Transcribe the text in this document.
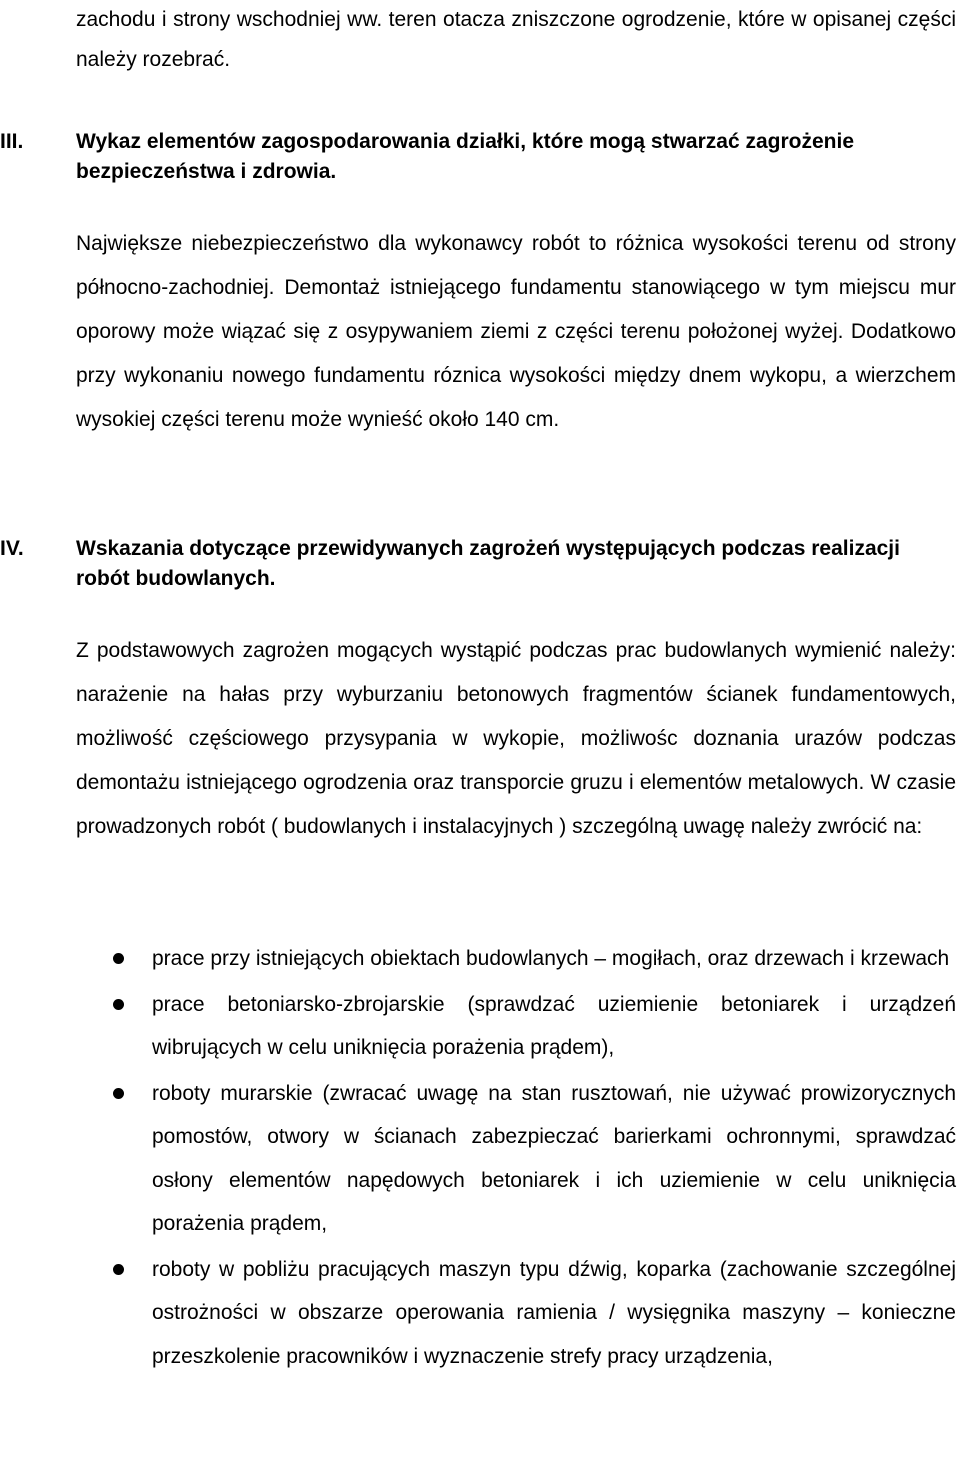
zachodu i strony wschodniej ww. teren otacza zniszczone ogrodzenie, które w opisanej części należy rozebrać.
III.	Wykaz elementów zagospodarowania działki, które mogą stwarzać zagrożenie bezpieczeństwa i zdrowia.
Największe niebezpieczeństwo dla wykonawcy robót to różnica wysokości terenu od strony północno-zachodniej. Demontaż istniejącego fundamentu stanowiącego w tym miejscu mur oporowy może wiązać się z osypywaniem ziemi z części terenu położonej wyżej. Dodatkowo przy wykonaniu nowego fundamentu róznica wysokości między dnem wykopu, a wierzchem wysokiej części terenu może wynieść około 140 cm.
IV. Wskazania dotyczące przewidywanych zagrożeń występujących podczas realizacji robót budowlanych.
Z podstawowych zagrożen mogących wystąpić podczas prac budowlanych wymienić należy: narażenie na hałas przy wyburzaniu betonowych fragmentów ścianek fundamentowych, możliwość częściowego przysypania w wykopie, możliwośc doznania urazów podczas demontażu istniejącego ogrodzenia oraz transporcie gruzu i elementów metalowych. W czasie prowadzonych robót ( budowlanych i instalacyjnych ) szczególną uwagę należy zwrócić na:
prace przy istniejących obiektach budowlanych – mogiłach, oraz drzewach i krzewach
prace betoniarsko-zbrojarskie (sprawdzać uziemienie betoniarek i urządzeń wibrujących w celu uniknięcia porażenia prądem),
roboty murarskie (zwracać uwagę na stan rusztowań, nie używać prowizorycznych pomostów, otwory w ścianach zabezpieczać barierkami ochronnymi, sprawdzać osłony elementów napędowych betoniarek i ich uziemienie w celu uniknięcia porażenia prądem,
roboty w pobliżu pracujących maszyn typu dźwig, koparka (zachowanie szczególnej ostrożności w obszarze operowania ramienia / wysięgnika maszyny – konieczne przeszkolenie pracowników i wyznaczenie strefy pracy urządzenia,
